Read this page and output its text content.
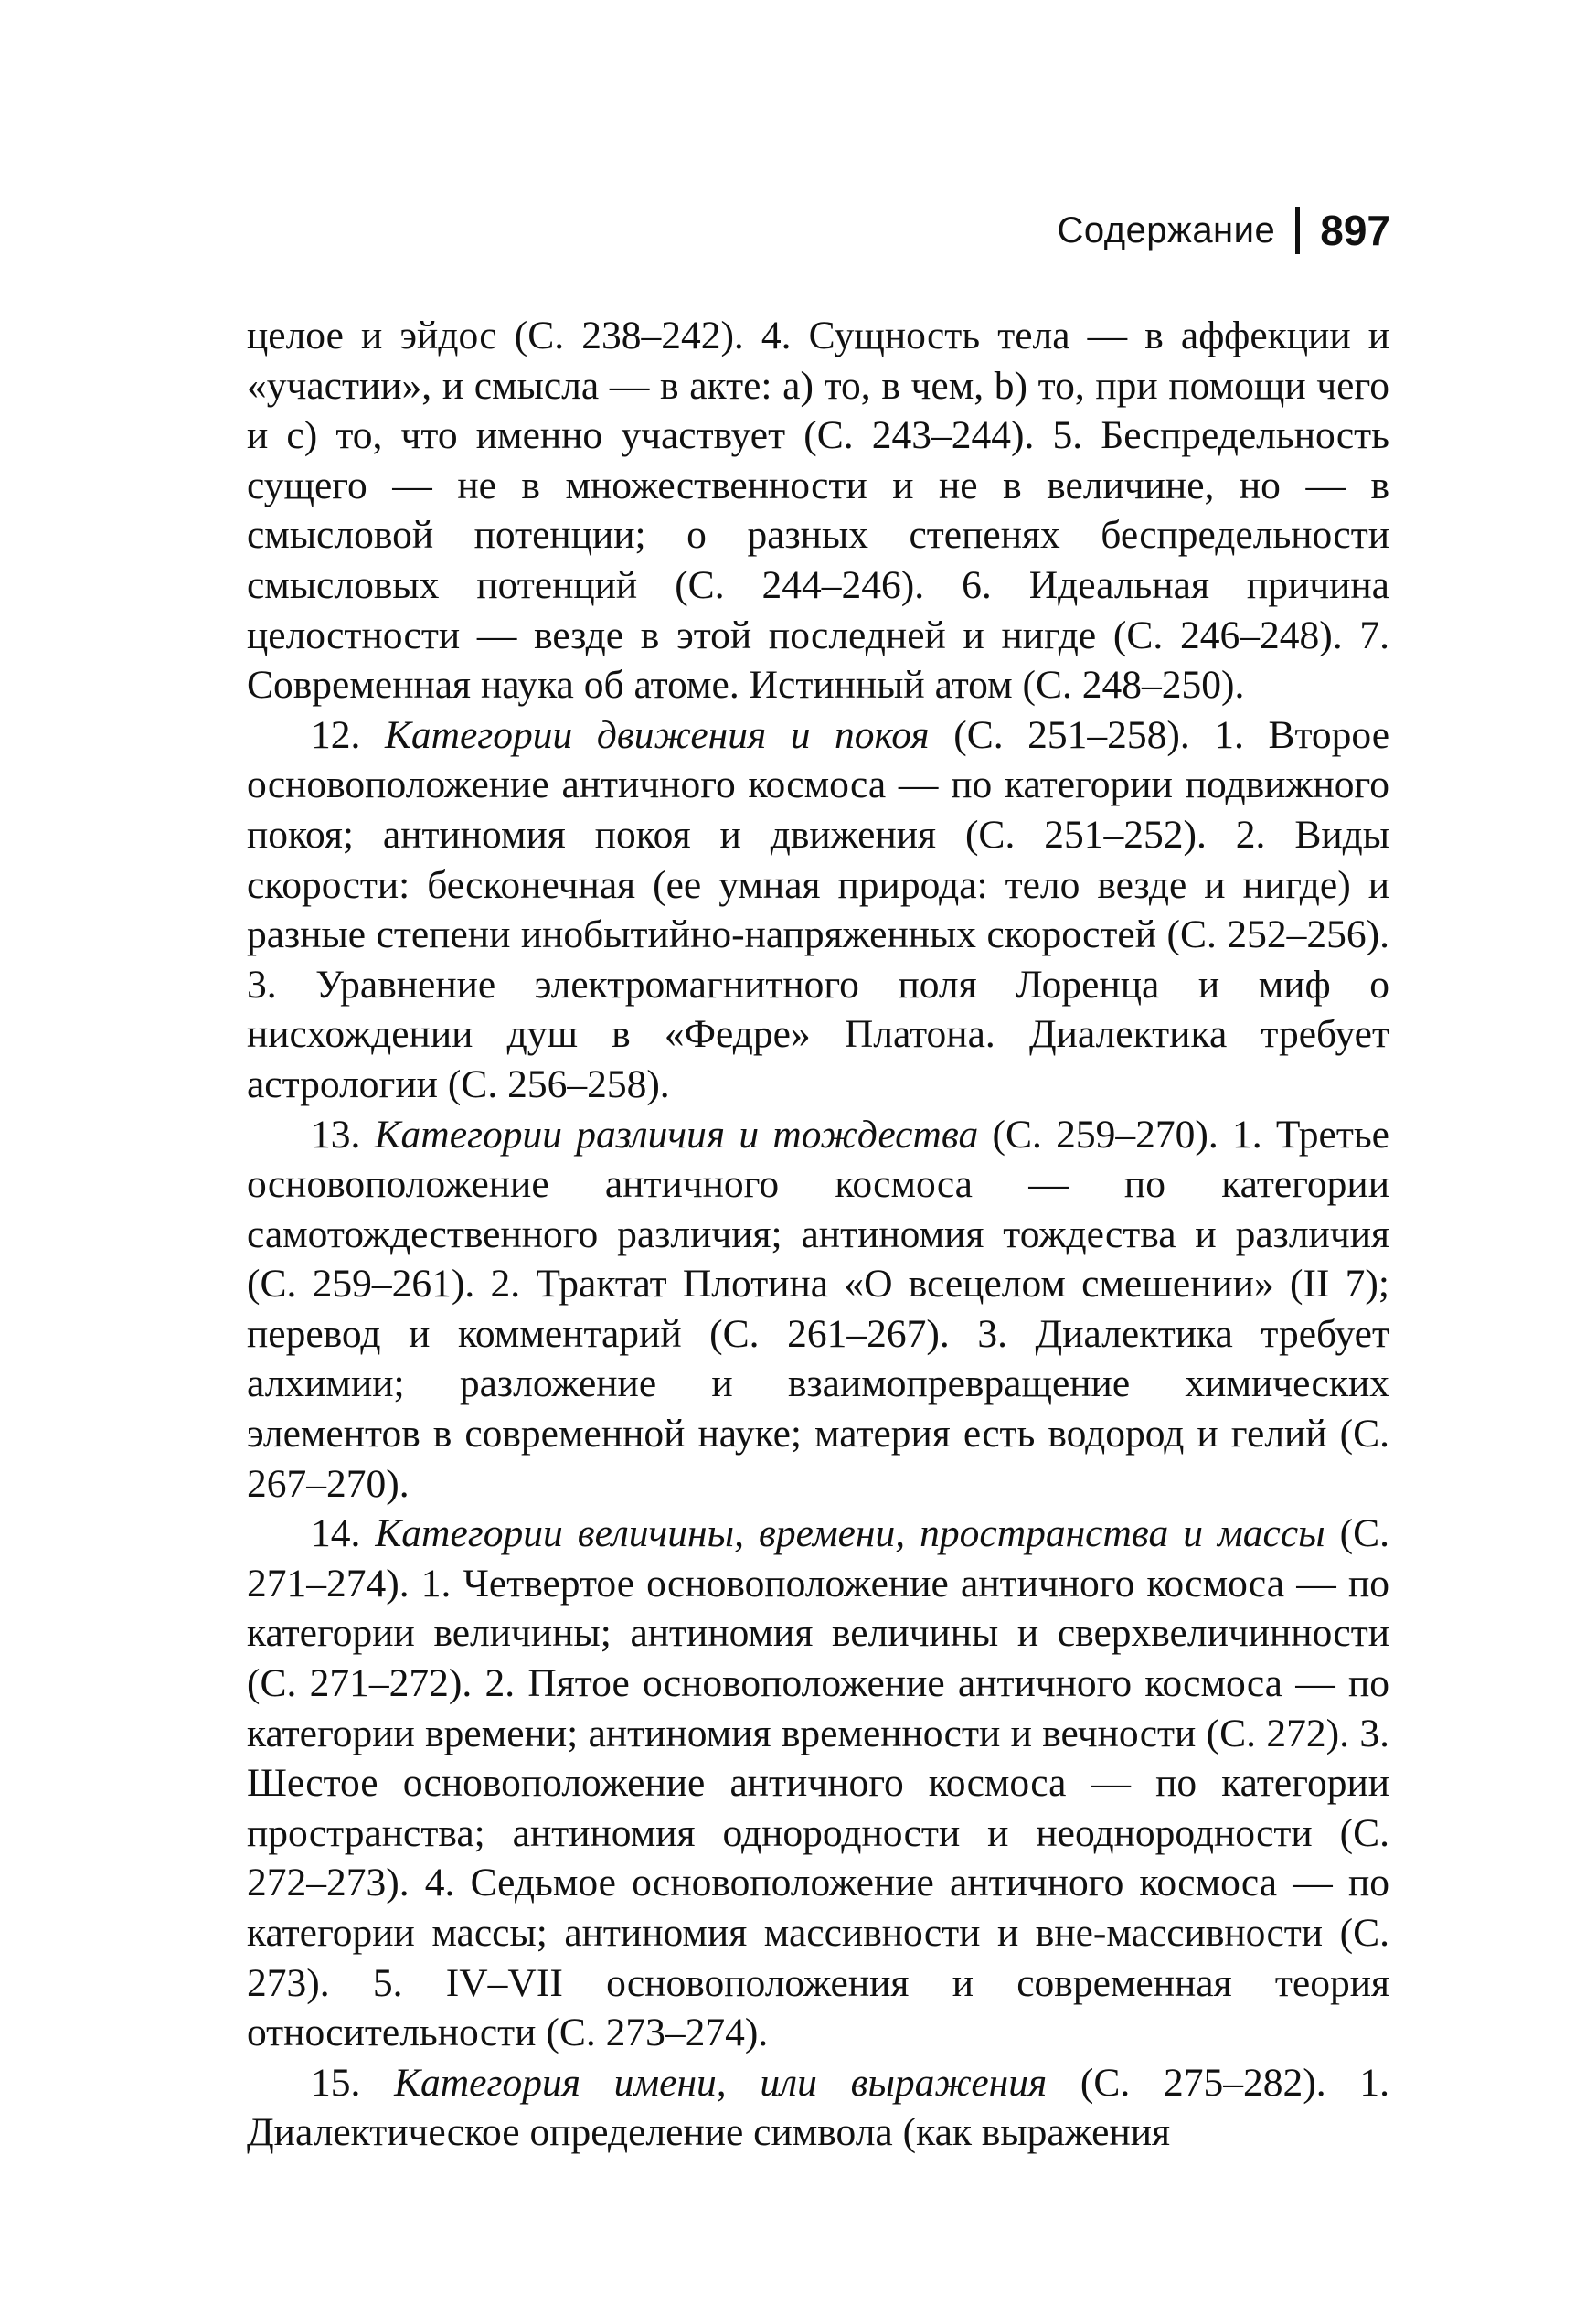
Содержание 897

целое и эйдос (С. 238–242). 4. Сущность тела — в аффекции и «участии», и смысла — в акте: а) то, в чем, b) то, при помощи чего и с) то, что именно участвует (С. 243–244). 5. Беспредельность сущего — не в множественности и не в величине, но — в смысловой потенции; о разных степенях беспредельности смысловых потенций (С. 244–246). 6. Идеальная причина целостности — везде в этой последней и нигде (С. 246–248). 7. Современная наука об атоме. Истинный атом (С. 248–250).

12. Категории движения и покоя (С. 251–258). 1. Второе основоположение античного космоса — по категории подвижного покоя; антиномия покоя и движения (С. 251–252). 2. Виды скорости: бесконечная (ее умная природа: тело везде и нигде) и разные степени инобытийно-напряженных скоростей (С. 252–256). 3. Уравнение электромагнитного поля Лоренца и миф о нисхождении душ в «Федре» Платона. Диалектика требует астрологии (С. 256–258).

13. Категории различия и тождества (С. 259–270). 1. Третье основоположение античного космоса — по категории самотождественного различия; антиномия тождества и различия (С. 259–261). 2. Трактат Плотина «О всецелом смешении» (II 7); перевод и комментарий (С. 261–267). 3. Диалектика требует алхимии; разложение и взаимопревращение химических элементов в современной науке; материя есть водород и гелий (С. 267–270).

14. Категории величины, времени, пространства и массы (С. 271–274). 1. Четвертое основоположение античного космоса — по категории величины; антиномия величины и сверхвеличинности (С. 271–272). 2. Пятое основоположение античного космоса — по категории времени; антиномия временности и вечности (С. 272). 3. Шестое основоположение античного космоса — по категории пространства; антиномия однородности и неоднородности (С. 272–273). 4. Седьмое основоположение античного космоса — по категории массы; антиномия массивности и вне-массивности (С. 273). 5. IV–VII основоположения и современная теория относительности (С. 273–274).

15. Категория имени, или выражения (С. 275–282). 1. Диалектическое определение символа (как выражения
